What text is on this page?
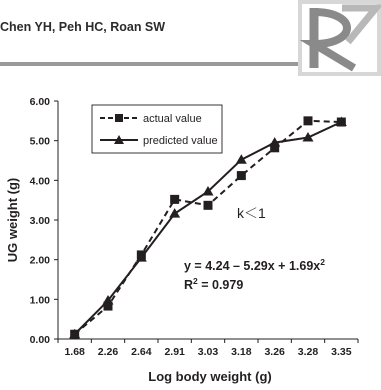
Chen YH, Peh HC, Roan SW
0.00
1.00
2.00
3.00
4.00
5.00
6.00
1.68 2.26 2.64 2.91 3.03 3.18 3.26 3.28 3.35
actual value
predicted value
k＜1
$y = 4.24 - 5.29x + 1.69x^2$
$R^2 = 0.979$
UG weight (g)
Log body weight (g)
